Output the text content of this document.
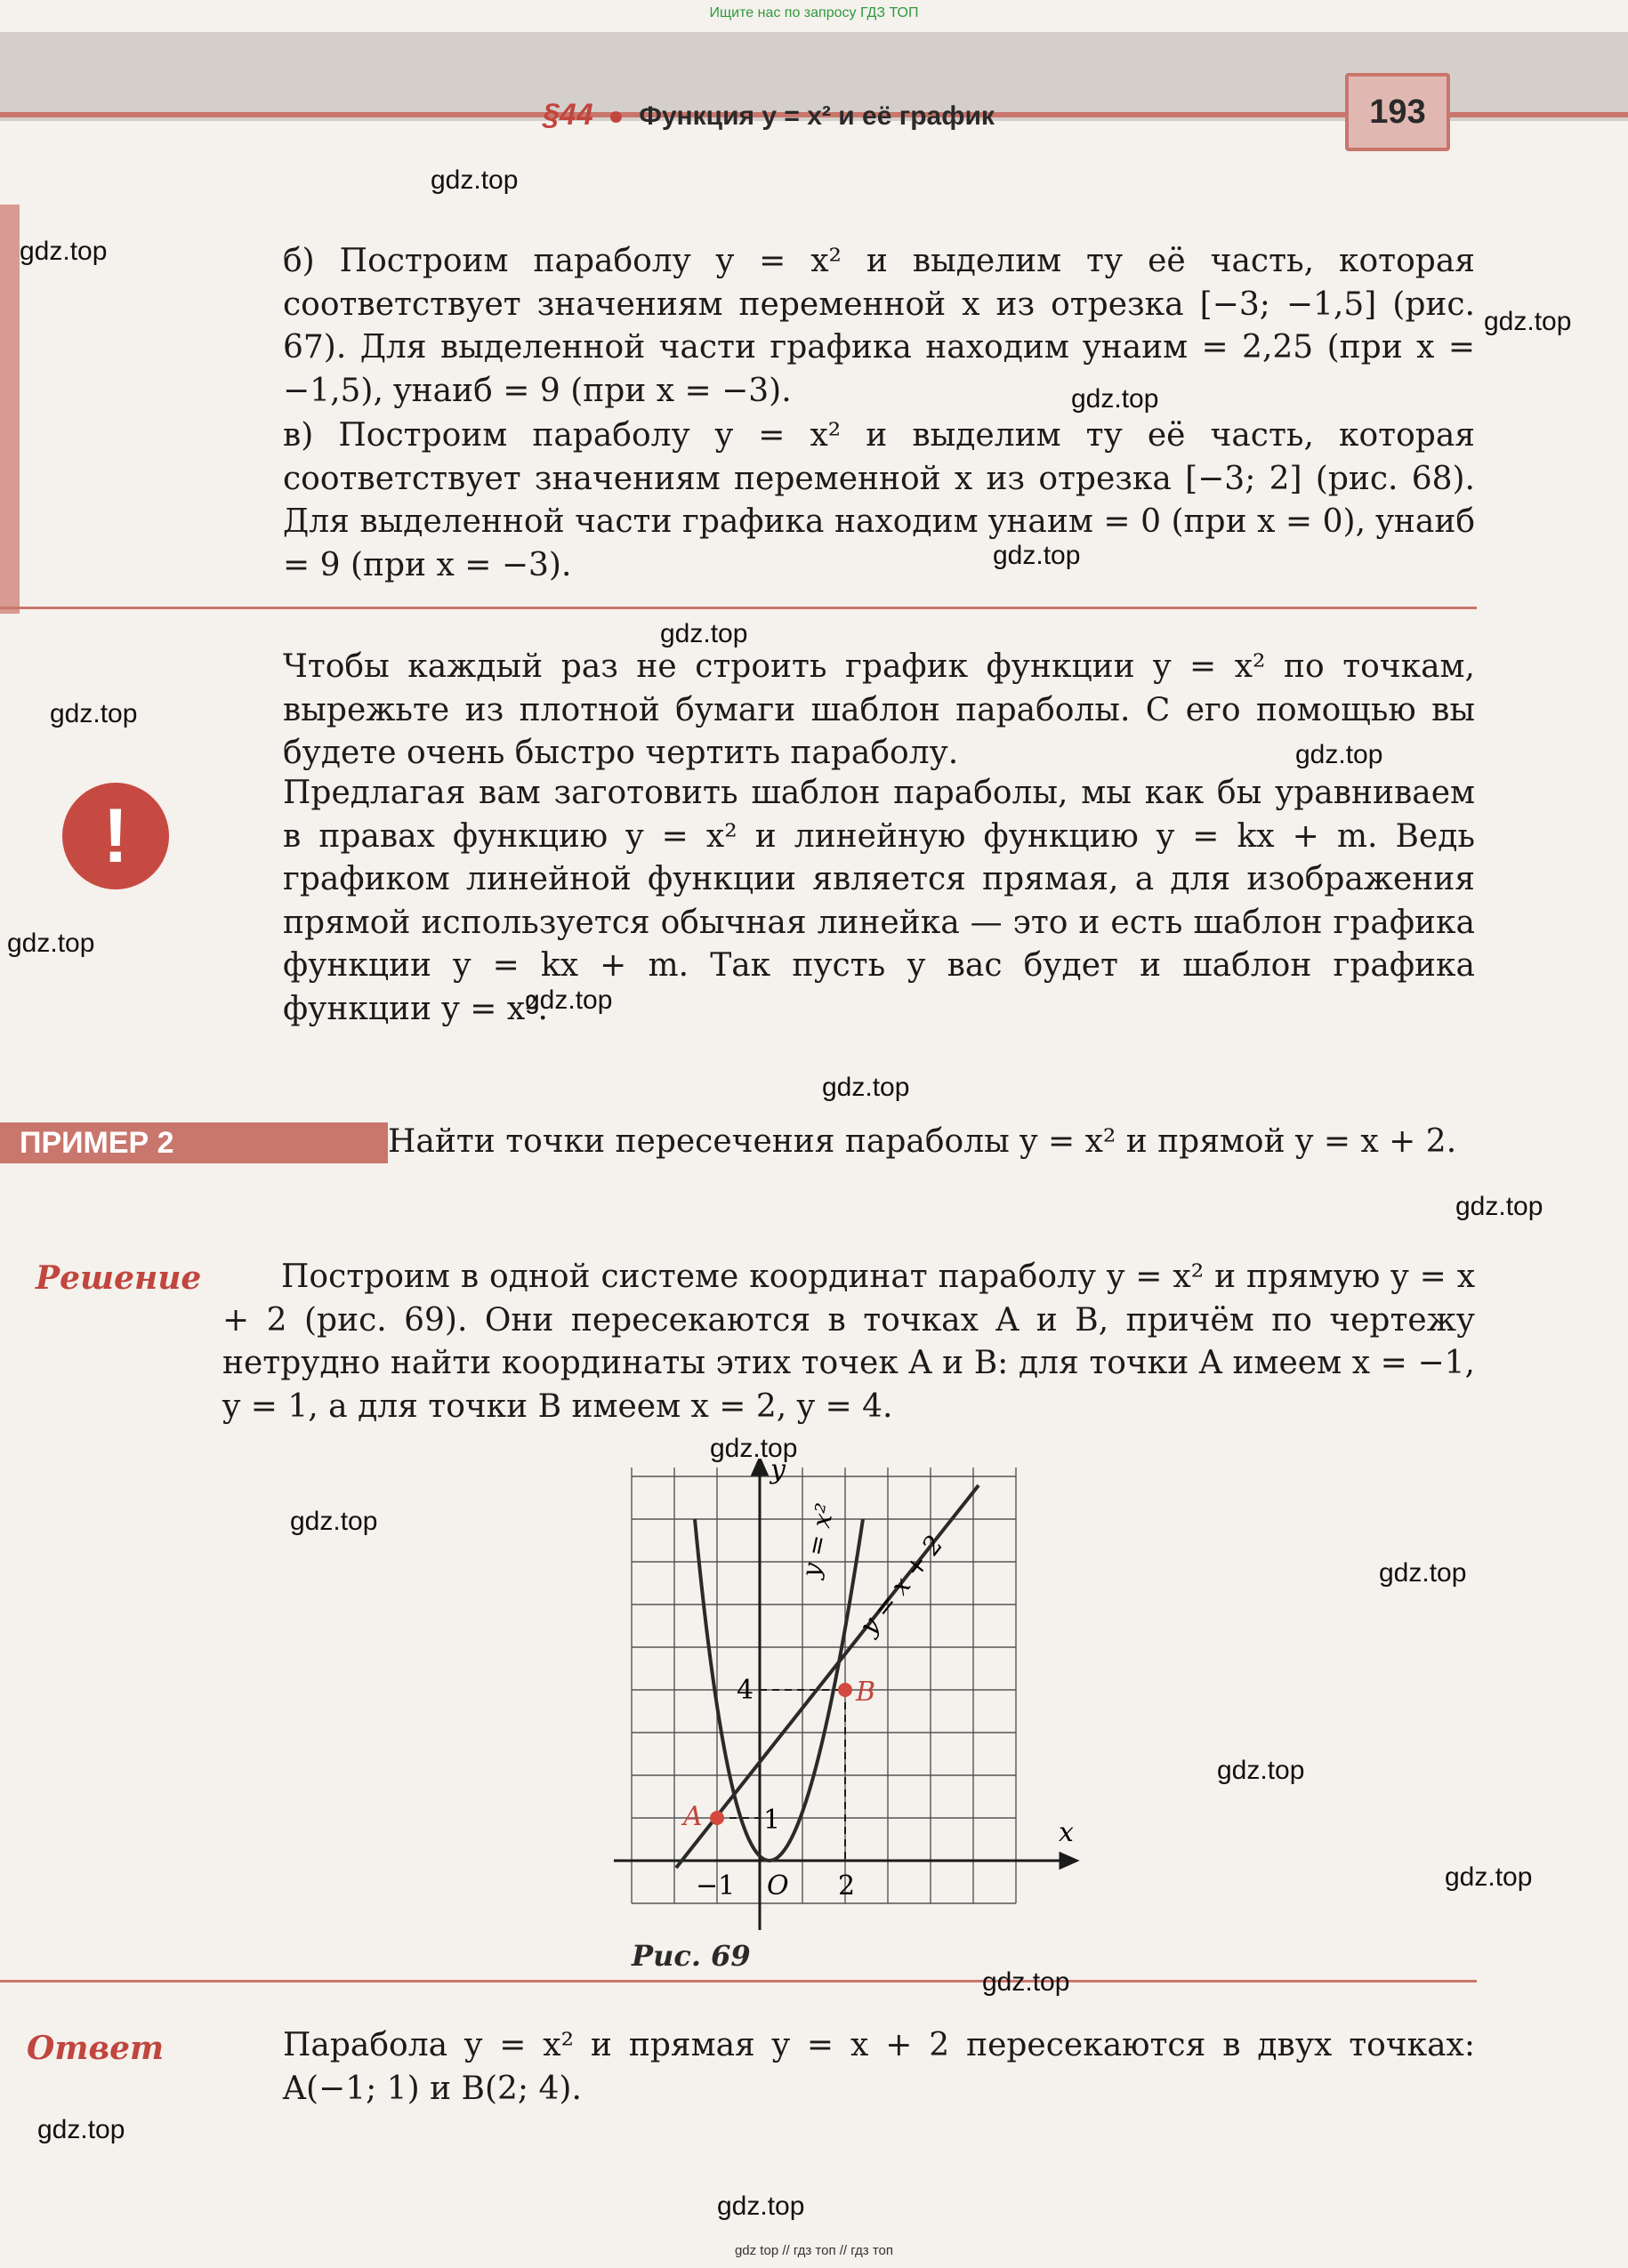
Ищите нас по запросу ГДЗ ТОП
§44  ●  Функция y = x² и её график	193

б) Построим параболу y = x² и выделим ту её часть, которая соответствует значениям переменной x из отрезка [−3; −1,5] (рис. 67). Для выделенной части графика находим yнаим = 2,25 (при x = −1,5), yнаиб = 9 (при x = −3).

в) Построим параболу y = x² и выделим ту её часть, которая соответствует значениям переменной x из отрезка [−3; 2] (рис. 68). Для выделенной части графика находим yнаим = 0 (при x = 0), yнаиб = 9 (при x = −3).

Чтобы каждый раз не строить график функции y = x² по точкам, вырежьте из плотной бумаги шаблон параболы. С его помощью вы будете очень быстро чертить параболу.

!

Предлагая вам заготовить шаблон параболы, мы как бы уравниваем в правах функцию y = x² и линейную функцию y = kx + m. Ведь графиком линейной функции является прямая, а для изображения прямой используется обычная линейка — это и есть шаблон графика функции y = kx + m. Так пусть у вас будет и шаблон графика функции y = x².

ПРИМЕР 2	Найти точки пересечения параболы y = x² и прямой y = x + 2.

Решение	Построим в одной системе координат параболу y = x² и прямую y = x + 2 (рис. 69). Они пересекаются в точках A и B, причём по чертежу нетрудно найти координаты этих точек A и B: для точки A имеем x = −1, y = 1, а для точки B имеем x = 2, y = 4.

A
B
y
x
O
−1	2
1
4
y = x² y = x + 2
Рис. 69
Ответ	Парабола y = x² и прямая y = x + 2 пересекаются в двух точках: A(−1; 1) и B(2; 4).

gdz.top
gdz.top
gdz.top
gdz.top
gdz.top
gdz.top
gdz.top
gdz.top
gdz.top
gdz.top
gdz.top
gdz.top
gdz.top
gdz.top
gdz.top
gdz.top
gdz.top
gdz.top
gdz.top
gdz.top
gdz top // гдз топ // гдз топ
